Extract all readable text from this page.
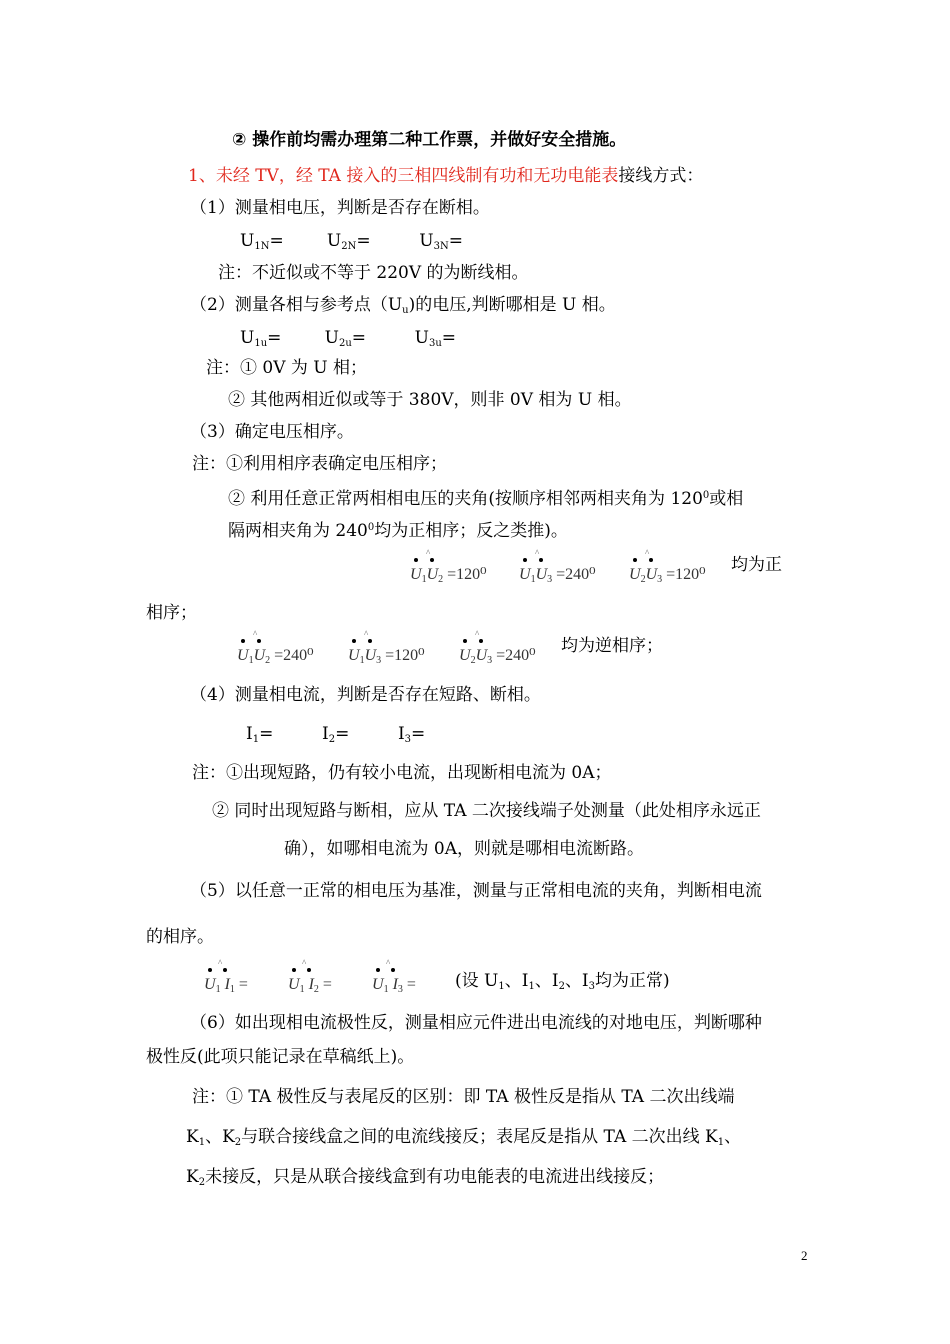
② 操作前均需办理第二种工作票，并做好安全措施。
1、未经 TV，经 TA 接入的三相四线制有功和无功电能表接线方式：
（1）测量相电压，判断是否存在断相。
$U_{1N}=$        $U_{2N}=$         $U_{3N}=$
注：不近似或不等于 220V 的为断线相。
（2）测量各相与参考点$(U_u)$的电压,判断哪相是 U 相。
$U_{1u}=$        $U_{2u}=$         $U_{3u}=$
注：① 0V 为 U 相；
② 其他两相近似或等于 380V，则非 0V 相为 U 相。
（3）确定电压相序。
注：①利用相序表确定电压相序；
② 利用任意正常两相相电压的夹角(按顺序相邻两相夹角为 $120^0$或相
隔两相夹角为 $240^0$均为正相序；反之类推)。
^
$U_1U_2 =120^0$
^
$U_1U_3 =240^0$
^
$U_2U_3 =120^0$ 均为正
相序；
^
$U_1U_2 =240^0$
^
$U_1U_3 =120^0$
^
$U_2U_3 =240^0$ 均为逆相序；
（4）测量相电流，判断是否存在短路、断相。
$I_1=$         $I_2=$         $I_3=$
注：①出现短路，仍有较小电流，出现断相电流为 0A；
② 同时出现短路与断相，应从 TA 二次接线端子处测量（此处相序永远正
确），如哪相电流为 0A，则就是哪相电流断路。
（5）以任意一正常的相电压为基准，测量与正常相电流的夹角，判断相电流
的相序。
^
$U_1$ $I_1$ =
^
$U_1$ $I_2$ =
^
$U_1$ $I_3$ = (设 $U_1$、$I_1$、$I_2$、$I_3$均为正常)
（6）如出现相电流极性反，测量相应元件进出电流线的对地电压，判断哪种
极性反(此项只能记录在草稿纸上)。
注：① TA 极性反与表尾反的区别：即 TA 极性反是指从 TA 二次出线端
$K_1$、$K_2$与联合接线盒之间的电流线接反；表尾反是指从 TA 二次出线 $K_1$、
$K_2$未接反，只是从联合接线盒到有功电能表的电流进出线接反；
2
